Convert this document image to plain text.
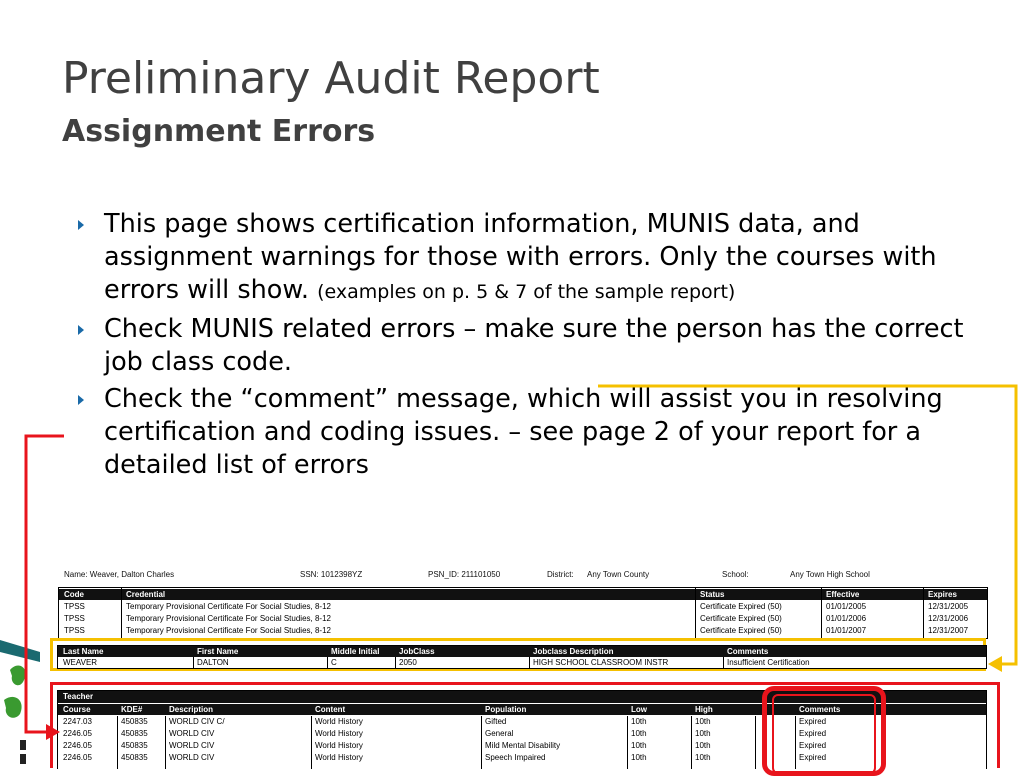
Preliminary Audit Report
Assignment Errors
This page shows certification information, MUNIS data, and assignment warnings for those with errors. Only the courses with errors will show. (examples on p. 5 & 7 of the sample report)
Check MUNIS related errors – make sure the person has the correct job class code.
Check the “comment” message, which will assist you in resolving certification and coding issues. – see page 2 of your report for a detailed list of errors
Name: Weaver, Dalton Charles	SSN: 1012398YZ	PSN_ID: 211101050	District: Any Town County	School:	Any Town High School
Code	Credential	Status	Effective	Expires
TPSS	Temporary Provisional Certificate For Social Studies, 8-12	Certificate Expired (50)	01/01/2005	12/31/2005
TPSS	Temporary Provisional Certificate For Social Studies, 8-12	Certificate Expired (50)	01/01/2006	12/31/2006
TPSS	Temporary Provisional Certificate For Social Studies, 8-12	Certificate Expired (50)	01/01/2007	12/31/2007
Last Name	First Name	Middle Initial	JobClass	Jobclass Description	Comments
WEAVER	DALTON	C	2050	HIGH SCHOOL CLASSROOM INSTR	Insufficient Certification
Teacher
Course	KDE#	Description	Content	Population	Low	High	Comments
2247.03	450835	WORLD CIV C/	World History	Gifted	10th	10th	Expired
2246.05	450835	WORLD CIV	World History	General	10th	10th	Expired
2246.05	450835	WORLD CIV	World History	Mild Mental Disability	10th	10th	Expired
2246.05	450835	WORLD CIV	World History	Speech Impaired	10th	10th	Expired
